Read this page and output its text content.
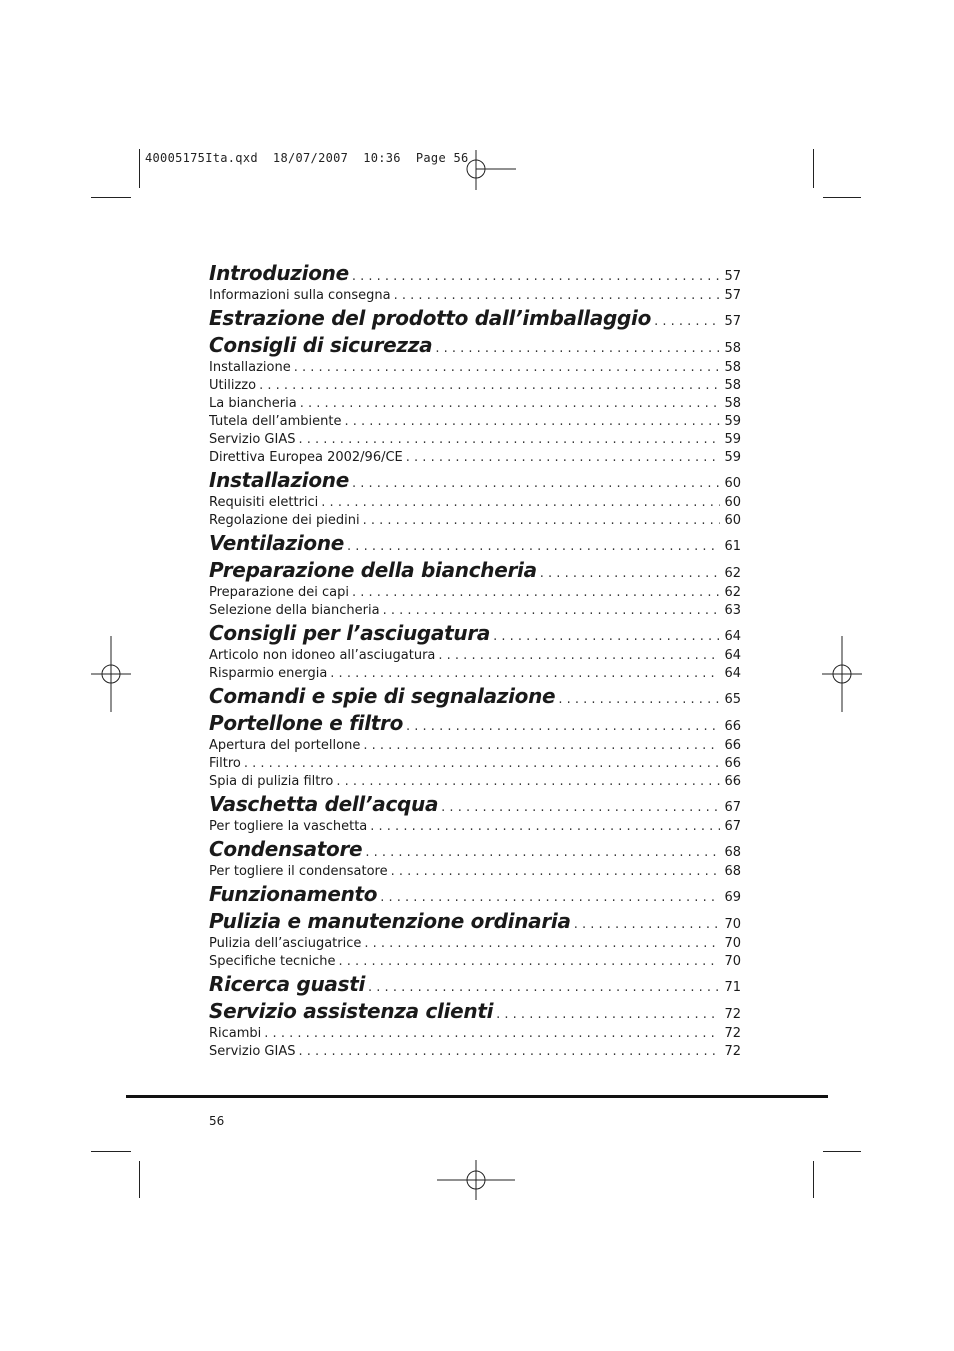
40005175Ita.qxd  18/07/2007  10:36  Page 56
Introduzione . . .	57
Informazioni sulla consegna . . .	57
Estrazione del prodotto dall’imballaggio . . .	57
Consigli di sicurezza . . .	58
Installazione . . .	58
Utilizzo . . .	58
La biancheria . . .	58
Tutela dell’ambiente . . .	59
Servizio GIAS . . .	59
Direttiva Europea 2002/96/CE . . .	59
Installazione . . .	60
Requisiti elettrici . . .	60
Regolazione dei piedini . . .	60
Ventilazione . . .	61
Preparazione della biancheria . . .	62
Preparazione dei capi . . .	62
Selezione della biancheria . . .	63
Consigli per l’asciugatura . . .	64
Articolo non idoneo all’asciugatura . . .	64
Risparmio energia . . .	64
Comandi e spie di segnalazione . . .	65
Portellone e filtro . . .	66
Apertura del portellone . . .	66
Filtro . . .	66
Spia di pulizia filtro . . .	66
Vaschetta dell’acqua . . .	67
Per togliere la vaschetta . . .	67
Condensatore . . .	68
Per togliere il condensatore . . .	68
Funzionamento . . .	69
Pulizia e manutenzione ordinaria . . .	70
Pulizia dell’asciugatrice . . .	70
Specifiche tecniche . . .	70
Ricerca guasti . . .	71
Servizio assistenza clienti . . .	72
Ricambi . . .	72
Servizio GIAS . . .	72
56
